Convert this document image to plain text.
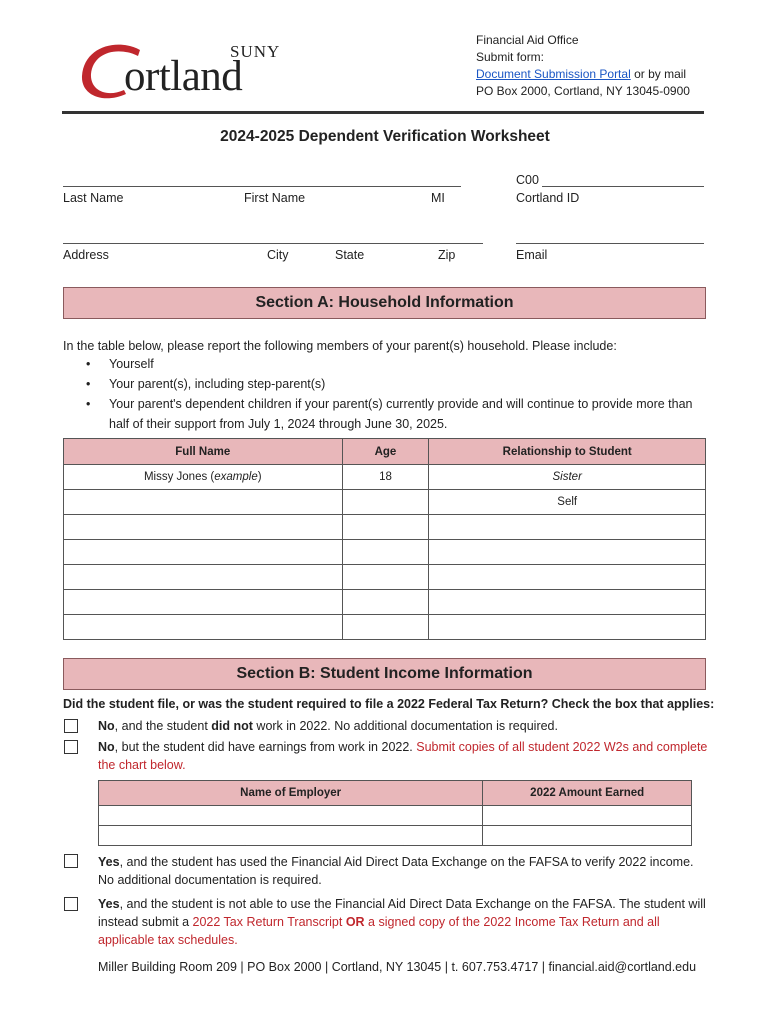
SUNY
ortland
Financial Aid Office
Submit form:
Document Submission Portal or by mail
PO Box 2000, Cortland, NY 13045-0900
2024-2025 Dependent Verification Worksheet
Last Name	First Name	MI
C00
Cortland ID
Address	City	State	Zip	Email
Section A: Household Information
In the table below, please report the following members of your parent(s) household. Please include:
• Yourself
• Your parent(s), including step-parent(s)
• Your parent's dependent children if your parent(s) currently provide and will continue to provide more than half of their support from July 1, 2024 through June 30, 2025.
Full Name	Age	Relationship to Student
Missy Jones (example)	18	Sister
		Self

Section B: Student Income Information
Did the student file, or was the student required to file a 2022 Federal Tax Return? Check the box that applies:
No, and the student did not work in 2022. No additional documentation is required.
No, but the student did have earnings from work in 2022. Submit copies of all student 2022 W2s and complete the chart below.
Name of Employer	2022 Amount Earned

Yes, and the student has used the Financial Aid Direct Data Exchange on the FAFSA to verify 2022 income. No additional documentation is required.
Yes, and the student is not able to use the Financial Aid Direct Data Exchange on the FAFSA. The student will instead submit a 2022 Tax Return Transcript OR a signed copy of the 2022 Income Tax Return and all applicable tax schedules.
Miller Building Room 209 | PO Box 2000 | Cortland, NY 13045 | t. 607.753.4717 | financial.aid@cortland.edu
